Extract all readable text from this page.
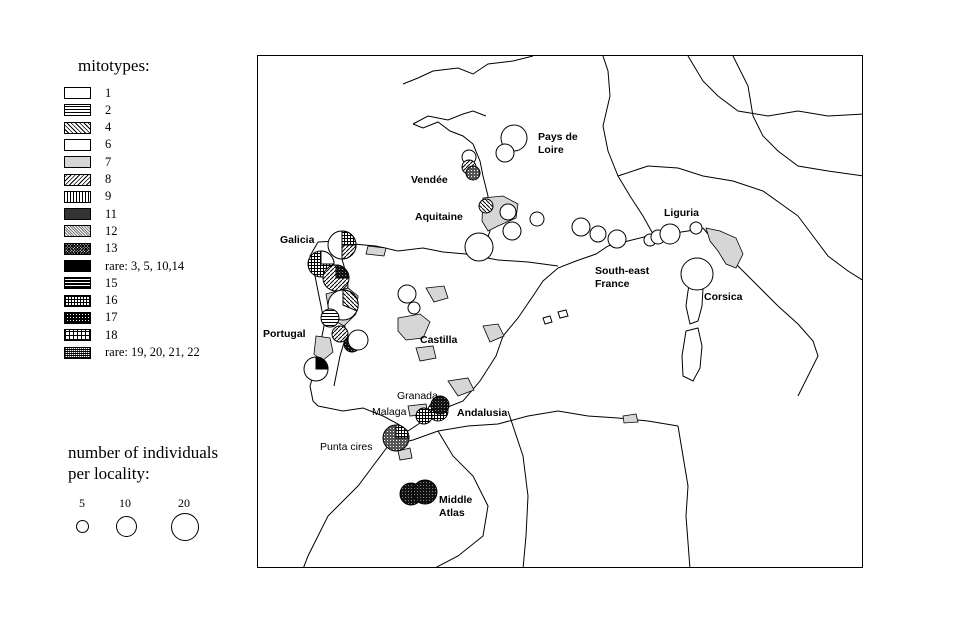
mitotypes:
1
2
4
6
7
8
9
11
12
13
rare: 3, 5, 10,14
15
16
17
18
rare: 19, 20, 21, 22
number of individuals
per locality:
5	10	20
Pays de
Loire
Vendée
Aquitaine
Galicia
Portugal	Castilla
Liguria
South-east
France
Corsica
Andalusia
Middle
Atlas
Granada
Malaga
Punta cires
